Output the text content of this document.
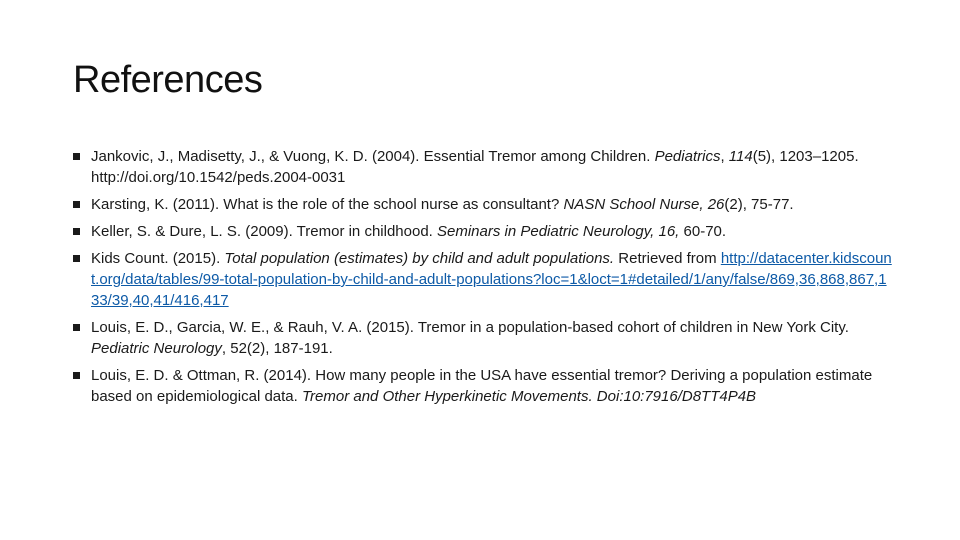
References
Jankovic, J., Madisetty, J., & Vuong, K. D. (2004). Essential Tremor among Children. Pediatrics, 114(5), 1203–1205. http://doi.org/10.1542/peds.2004-0031
Karsting, K. (2011). What is the role of the school nurse as consultant? NASN School Nurse, 26(2), 75-77.
Keller, S. & Dure, L. S. (2009). Tremor in childhood. Seminars in Pediatric Neurology, 16, 60-70.
Kids Count. (2015). Total population (estimates) by child and adult populations. Retrieved from http://datacenter.kidscount.org/data/tables/99-total-population-by-child-and-adult-populations?loc=1&loct=1#detailed/1/any/false/869,36,868,867,133/39,40,41/416,417
Louis, E. D., Garcia, W. E., & Rauh, V. A. (2015). Tremor in a population-based cohort of children in New York City. Pediatric Neurology, 52(2), 187-191.
Louis, E. D. & Ottman, R. (2014). How many people in the USA have essential tremor? Deriving a population estimate based on epidemiological data. Tremor and Other Hyperkinetic Movements. Doi:10:7916/D8TT4P4B
